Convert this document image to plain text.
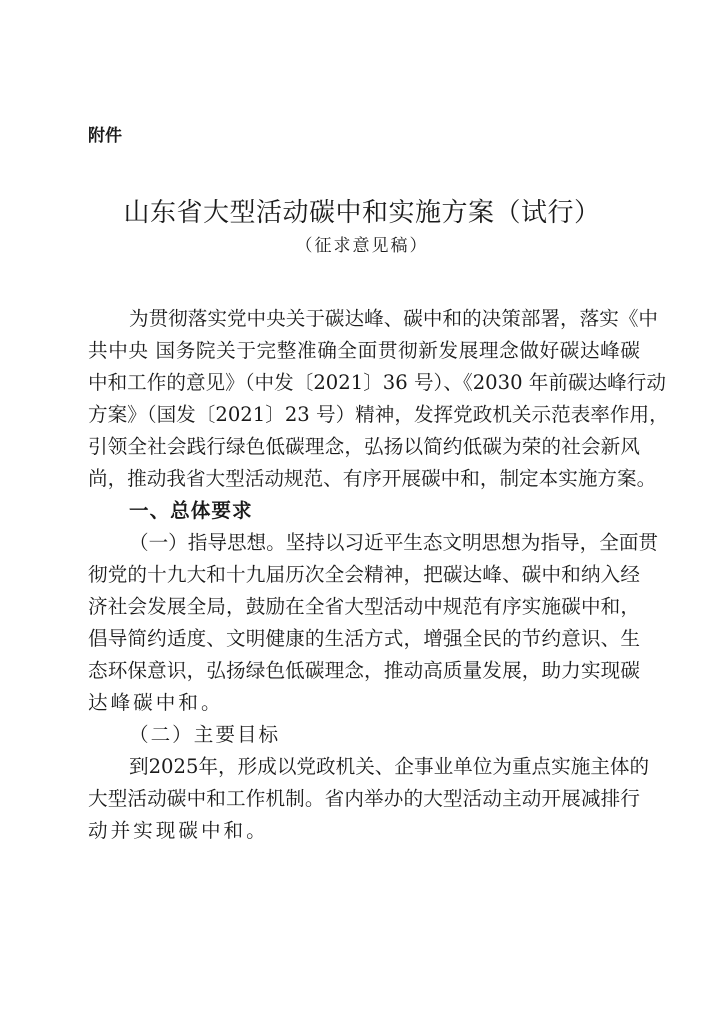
附件
山东省大型活动碳中和实施方案（试行）
（征求意见稿）
为贯彻落实党中央关于碳达峰、碳中和的决策部署，落实《中
共中央 国务院关于完整准确全面贯彻新发展理念做好碳达峰碳
中和工作的意见》（中发〔2021〕36 号）、《2030 年前碳达峰行动
方案》（国发〔2021〕23 号）精神，发挥党政机关示范表率作用，
引领全社会践行绿色低碳理念，弘扬以简约低碳为荣的社会新风
尚，推动我省大型活动规范、有序开展碳中和，制定本实施方案。
一、总体要求
（一）指导思想。坚持以习近平生态文明思想为指导，全面贯
彻党的十九大和十九届历次全会精神，把碳达峰、碳中和纳入经
济社会发展全局，鼓励在全省大型活动中规范有序实施碳中和，
倡导简约适度、文明健康的生活方式，增强全民的节约意识、生
态环保意识，弘扬绿色低碳理念，推动高质量发展，助力实现碳
达峰碳中和。
（二）主要目标
到2025年，形成以党政机关、企事业单位为重点实施主体的
大型活动碳中和工作机制。省内举办的大型活动主动开展减排行
动并实现碳中和。
